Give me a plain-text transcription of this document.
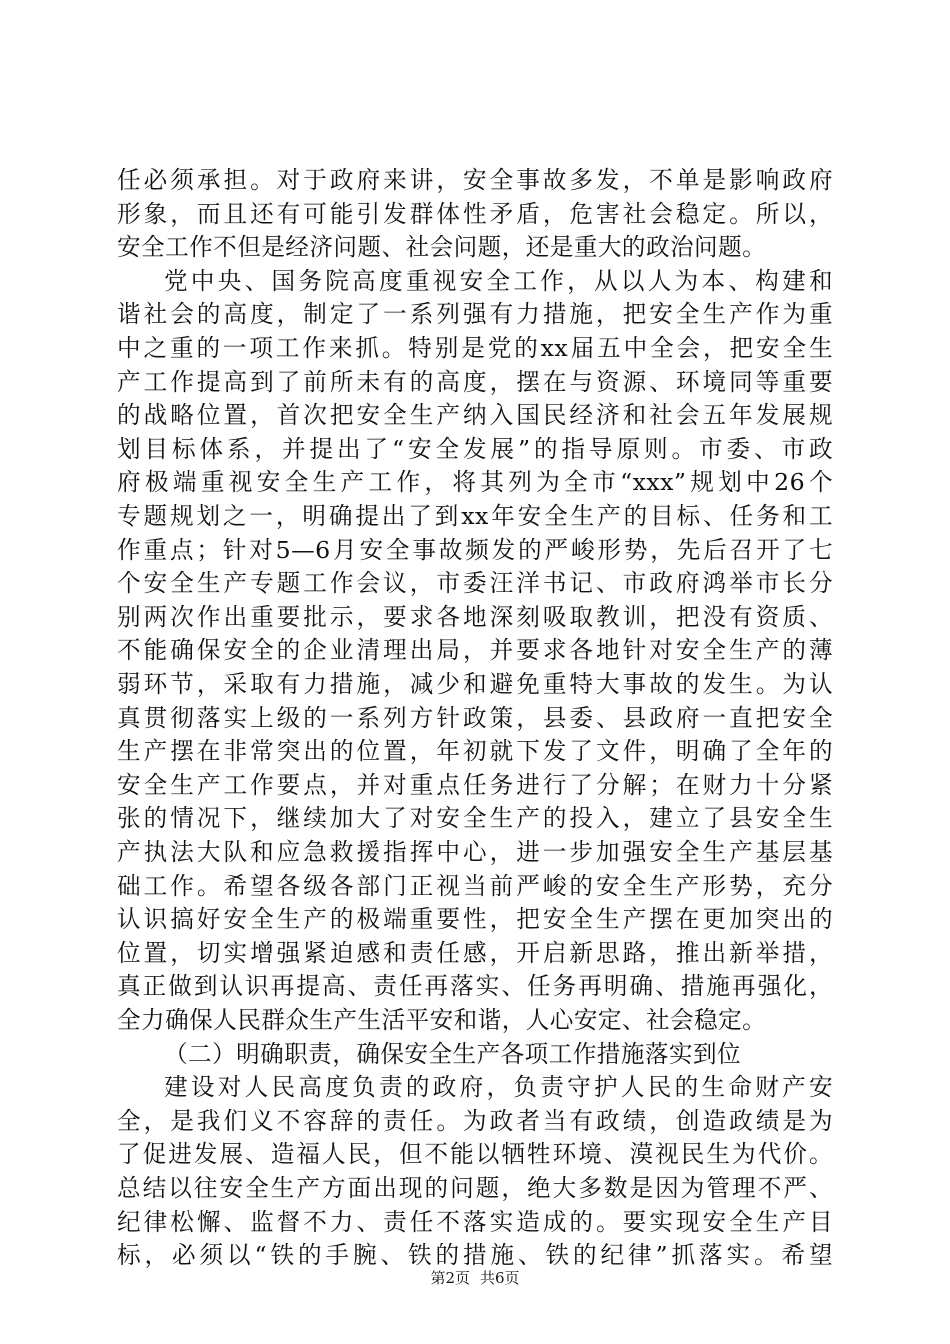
任必须承担。对于政府来讲，安全事故多发，不单是影响政府
形象，而且还有可能引发群体性矛盾，危害社会稳定。所以，
安全工作不但是经济问题、社会问题，还是重大的政治问题。
党中央、国务院高度重视安全工作，从以人为本、构建和
谐社会的高度，制定了一系列强有力措施，把安全生产作为重
中之重的一项工作来抓。特别是党的xx届五中全会，把安全生
产工作提高到了前所未有的高度，摆在与资源、环境同等重要
的战略位置，首次把安全生产纳入国民经济和社会五年发展规
划目标体系，并提出了“安全发展”的指导原则。市委、市政
府极端重视安全生产工作，将其列为全市“xxx”规划中26个
专题规划之一，明确提出了到xx年安全生产的目标、任务和工
作重点；针对5—6月安全事故频发的严峻形势，先后召开了七
个安全生产专题工作会议，市委汪洋书记、市政府鸿举市长分
别两次作出重要批示，要求各地深刻吸取教训，把没有资质、
不能确保安全的企业清理出局，并要求各地针对安全生产的薄
弱环节，采取有力措施，减少和避免重特大事故的发生。为认
真贯彻落实上级的一系列方针政策，县委、县政府一直把安全
生产摆在非常突出的位置，年初就下发了文件，明确了全年的
安全生产工作要点，并对重点任务进行了分解；在财力十分紧
张的情况下，继续加大了对安全生产的投入，建立了县安全生
产执法大队和应急救援指挥中心，进一步加强安全生产基层基
础工作。希望各级各部门正视当前严峻的安全生产形势，充分
认识搞好安全生产的极端重要性，把安全生产摆在更加突出的
位置，切实增强紧迫感和责任感，开启新思路，推出新举措，
真正做到认识再提高、责任再落实、任务再明确、措施再强化，
全力确保人民群众生产生活平安和谐，人心安定、社会稳定。
（二）明确职责，确保安全生产各项工作措施落实到位
建设对人民高度负责的政府，负责守护人民的生命财产安
全，是我们义不容辞的责任。为政者当有政绩，创造政绩是为
了促进发展、造福人民，但不能以牺牲环境、漠视民生为代价。
总结以往安全生产方面出现的问题，绝大多数是因为管理不严、
纪律松懈、监督不力、责任不落实造成的。要实现安全生产目
标，必须以“铁的手腕、铁的措施、铁的纪律”抓落实。希望
第2页 共6页
